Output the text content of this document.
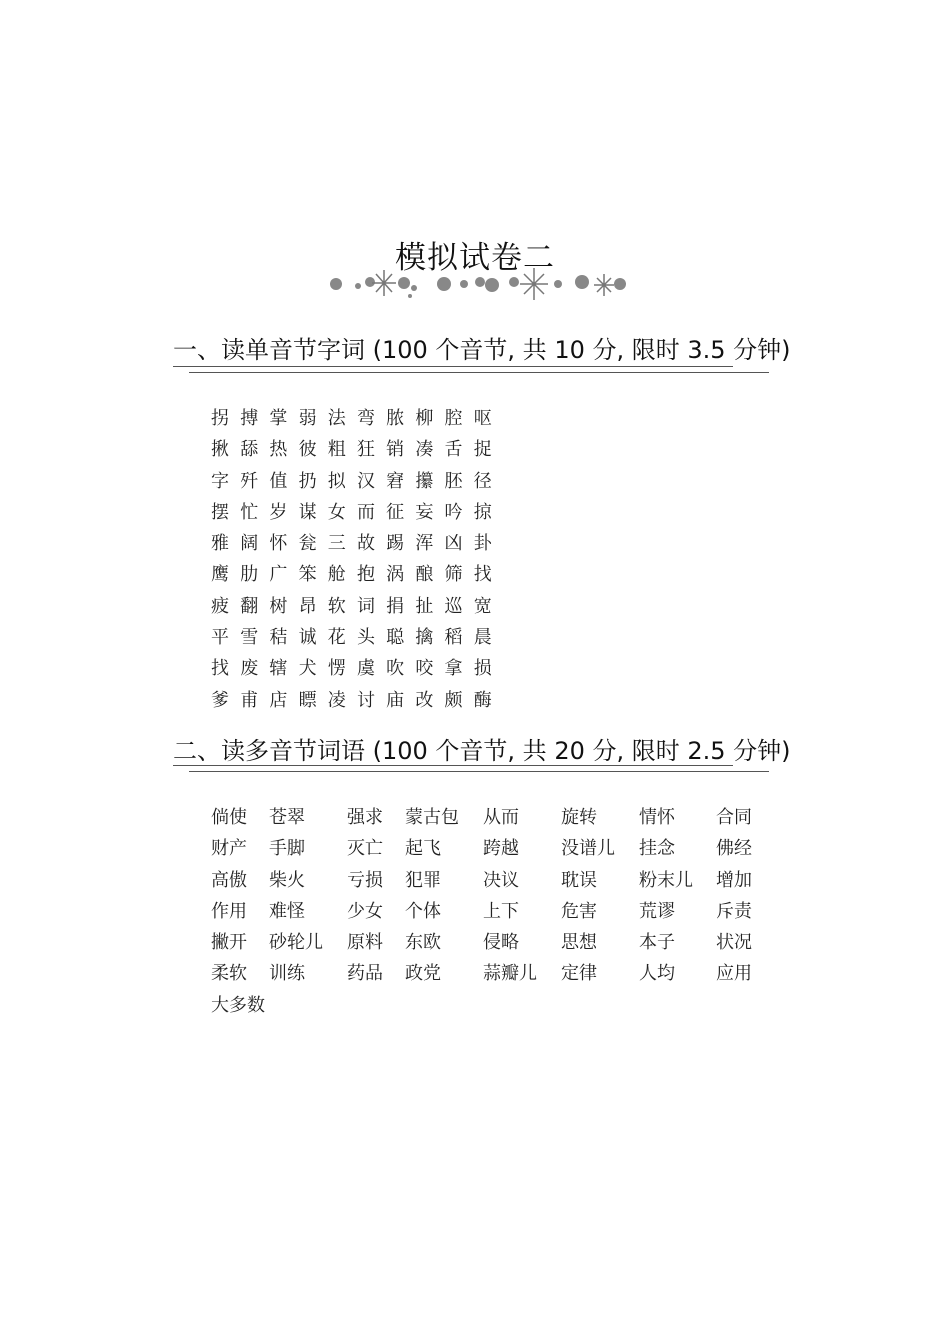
模拟试卷二
一、读单音节字词 (100 个音节, 共 10 分, 限时 3.5 分钟)
拐 搏 掌 弱 法 弯 脓 柳 腔 呕
揪 舔 热 彼 粗 狂 销 凑 舌 捉
字 歼 值 扔 拟 汉 窘 攥 胚 径
摆 忙 岁 谋 女 而 征 妄 吟 掠
雅 阔 怀 瓮 三 故 踢 浑 凶 卦
鹰 肋 广 笨 舱 抱 涡 酿 筛 找
疲 翻 树 昂 软 词 捐 扯 巡 宽
平 雪 秸 诚 花 头 聪 擒 稻 晨
找 废 辖 犬 愣 虞 吹 咬 拿 损
爹 甫 店 瞟 凌 讨 庙 改 颇 酶
二、读多音节词语 (100 个音节, 共 20 分, 限时 2.5 分钟)
倘使 苍翠 强求 蒙古包 从而 旋转 情怀 合同
财产 手脚 灭亡 起飞 跨越 没谱儿 挂念 佛经
高傲 柴火 亏损 犯罪 决议 耽误 粉末儿 增加
作用 难怪 少女 个体 上下 危害 荒谬 斥责
撇开 砂轮儿 原料 东欧 侵略 思想 本子 状况
柔软 训练 药品 政党 蒜瓣儿 定律 人均 应用
大多数
